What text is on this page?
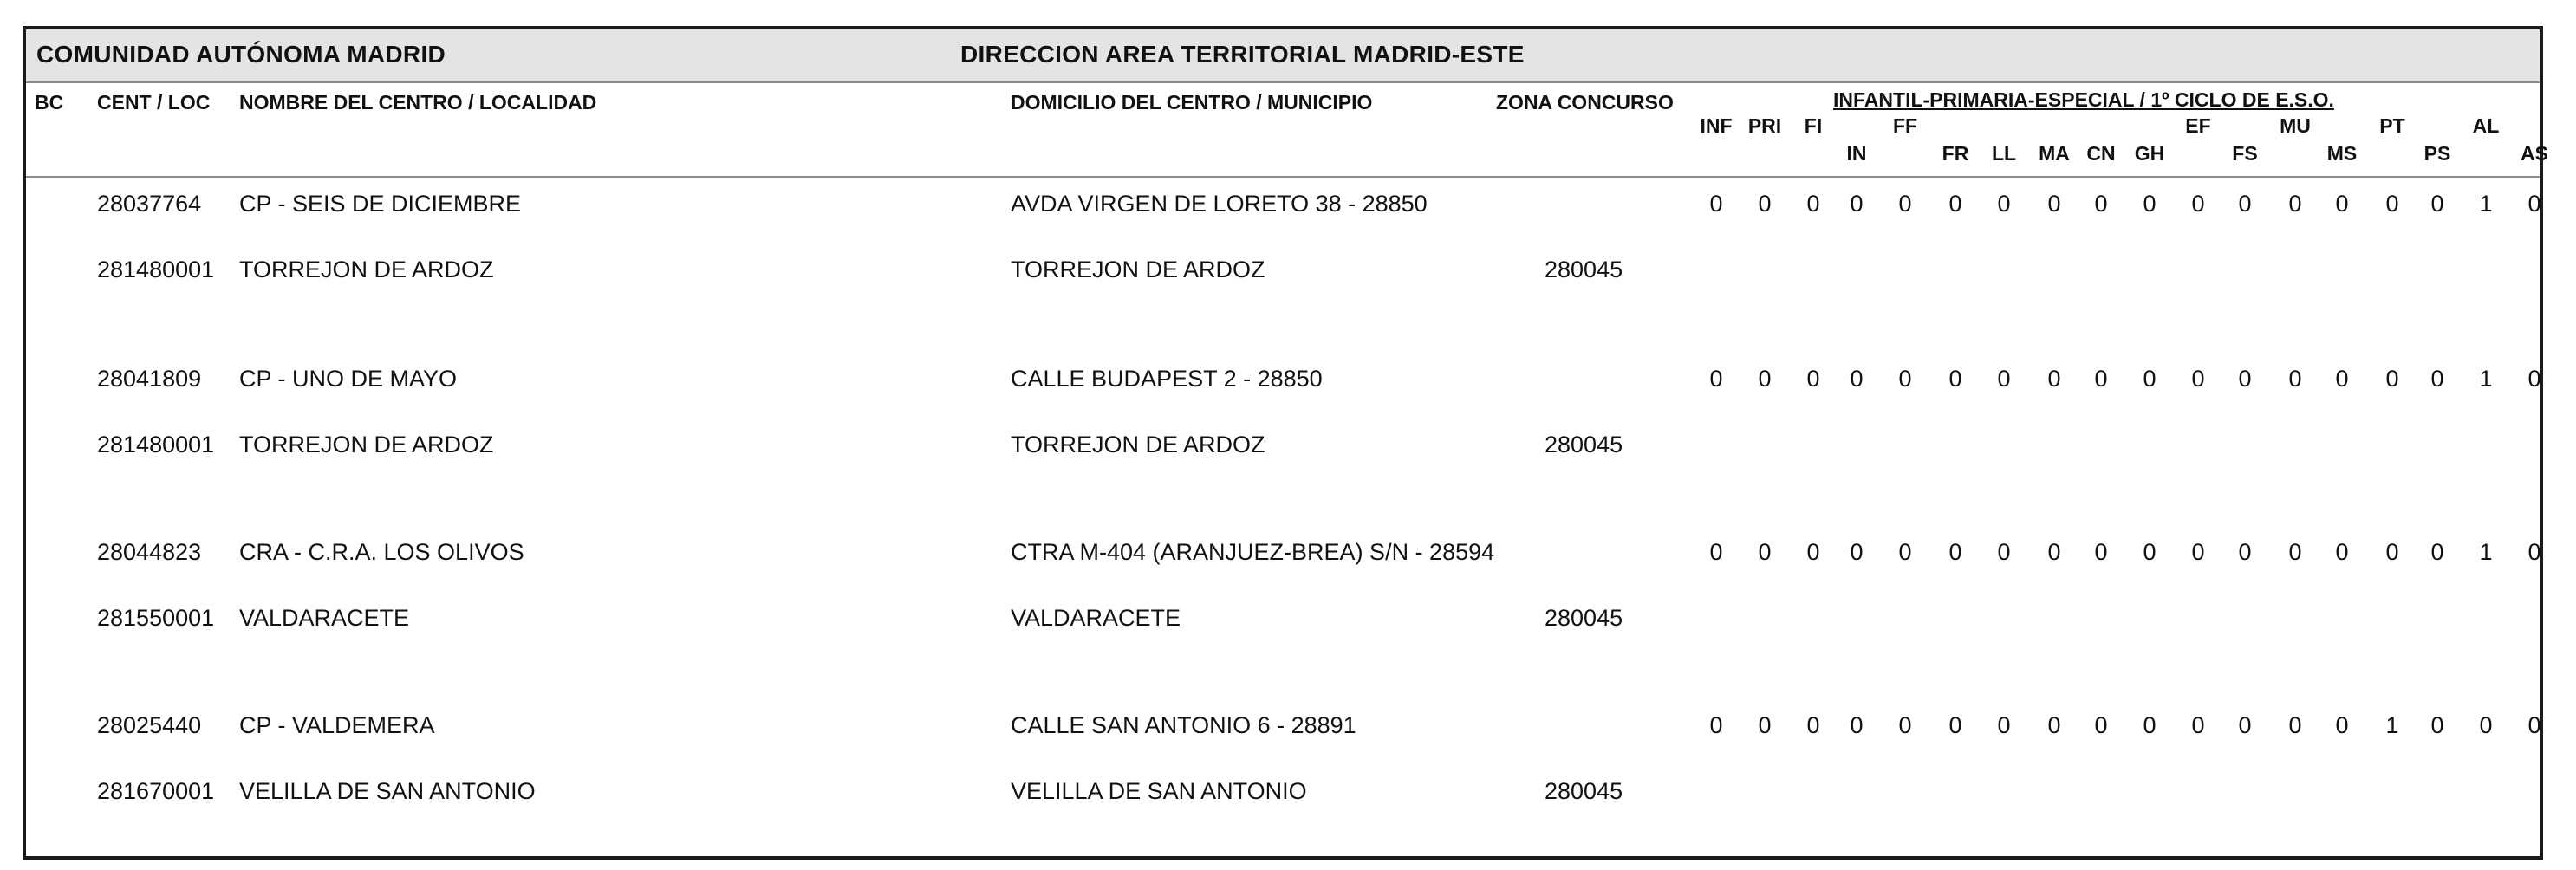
COMUNIDAD AUTÓNOMA MADRID	DIRECCION AREA TERRITORIAL MADRID-ESTE
BC CENT / LOC NOMBRE DEL CENTRO / LOCALIDAD	DOMICILIO DEL CENTRO / MUNICIPIO	ZONA CONCURSO	INFANTIL-PRIMARIA-ESPECIAL / 1º CICLO DE E.S.O.
INF PRI	FI	FF	EF	MU	PT	AL
IN	FR	LL	MA CN GH	FS	MS	PS	AS
28037764 CP - SEIS DE DICIEMBRE	AVDA VIRGEN DE LORETO 38 - 28850	0	0	0	0	0	0	0	0	0	0	0	0	0	0	0	0	1	0
281480001 TORREJON DE ARDOZ	TORREJON DE ARDOZ	280045
28041809 CP - UNO DE MAYO	CALLE BUDAPEST 2 - 28850	0	0	0	0	0	0	0	0	0	0	0	0	0	0	0	0	1	0
281480001 TORREJON DE ARDOZ	TORREJON DE ARDOZ	280045
28044823 CRA - C.R.A. LOS OLIVOS	CTRA M-404 (ARANJUEZ-BREA) S/N - 28594	0	0	0	0	0	0	0	0	0	0	0	0	0	0	0	0	1	0
281550001 VALDARACETE	VALDARACETE	280045
28025440 CP - VALDEMERA	CALLE SAN ANTONIO 6 - 28891	0	0	0	0	0	0	0	0	0	0	0	0	0	0	1	0	0	0
281670001 VELILLA DE SAN ANTONIO	VELILLA DE SAN ANTONIO	280045
